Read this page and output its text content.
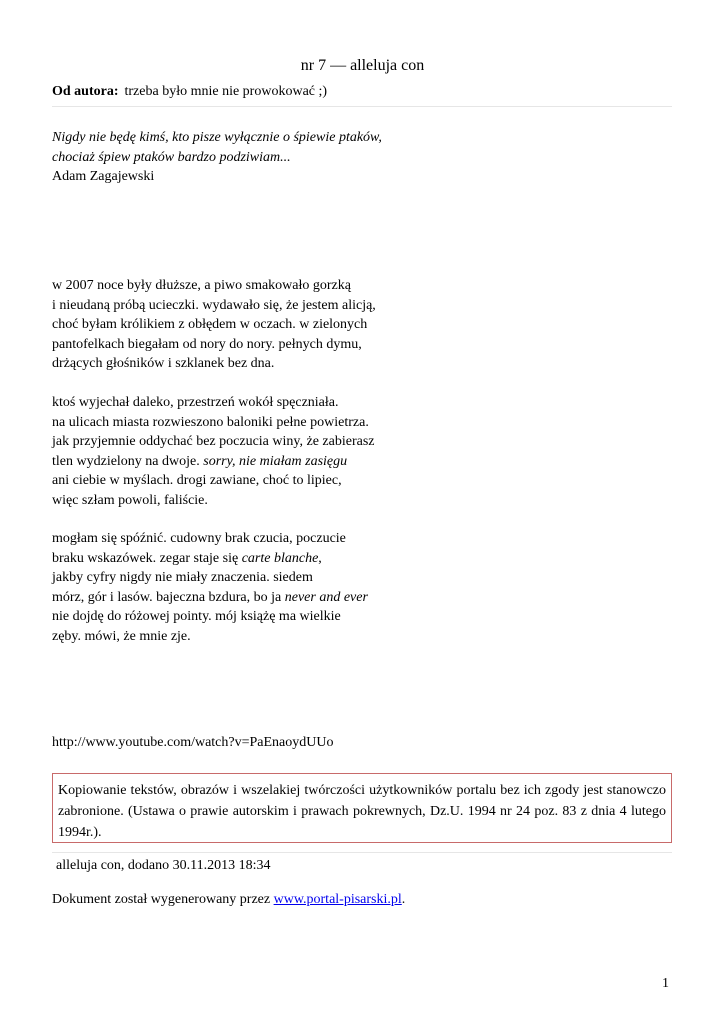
nr 7 — alleluja con
Od autora: trzeba było mnie nie prowokować ;)
Nigdy nie będę kimś, kto pisze wyłącznie o śpiewie ptaków,
chociaż śpiew ptaków bardzo podziwiam...
Adam Zagajewski
w 2007 noce były dłuższe, a piwo smakowało gorzką
i nieudaną próbą ucieczki. wydawało się, że jestem alicją,
choć byłam królikiem z obłędem w oczach. w zielonych
pantofelkach biegałam od nory do nory. pełnych dymu,
drżących głośników i szklanek bez dna.
ktoś wyjechał daleko, przestrzeń wokół spęczniała.
na ulicach miasta rozwieszono baloniki pełne powietrza.
jak przyjemnie oddychać bez poczucia winy, że zabierasz
tlen wydzielony na dwoje. sorry, nie miałam zasięgu
ani ciebie w myślach. drogi zawiane, choć to lipiec,
więc szłam powoli, faliście.
mogłam się spóźnić. cudowny brak czucia, poczucie
braku wskazówek. zegar staje się carte blanche,
jakby cyfry nigdy nie miały znaczenia. siedem
mórz, gór i lasów. bajeczna bzdura, bo ja never and ever
nie dojdę do różowej pointy. mój książę ma wielkie
zęby. mówi, że mnie zje.
http://www.youtube.com/watch?v=PaEnaoydUUo
Kopiowanie tekstów, obrazów i wszelakiej twórczości użytkowników portalu bez ich zgody jest stanowczo zabronione. (Ustawa o prawie autorskim i prawach pokrewnych, Dz.U. 1994 nr 24 poz. 83 z dnia 4 lutego 1994r.).
alleluja con, dodano 30.11.2013 18:34
Dokument został wygenerowany przez www.portal-pisarski.pl.
1
